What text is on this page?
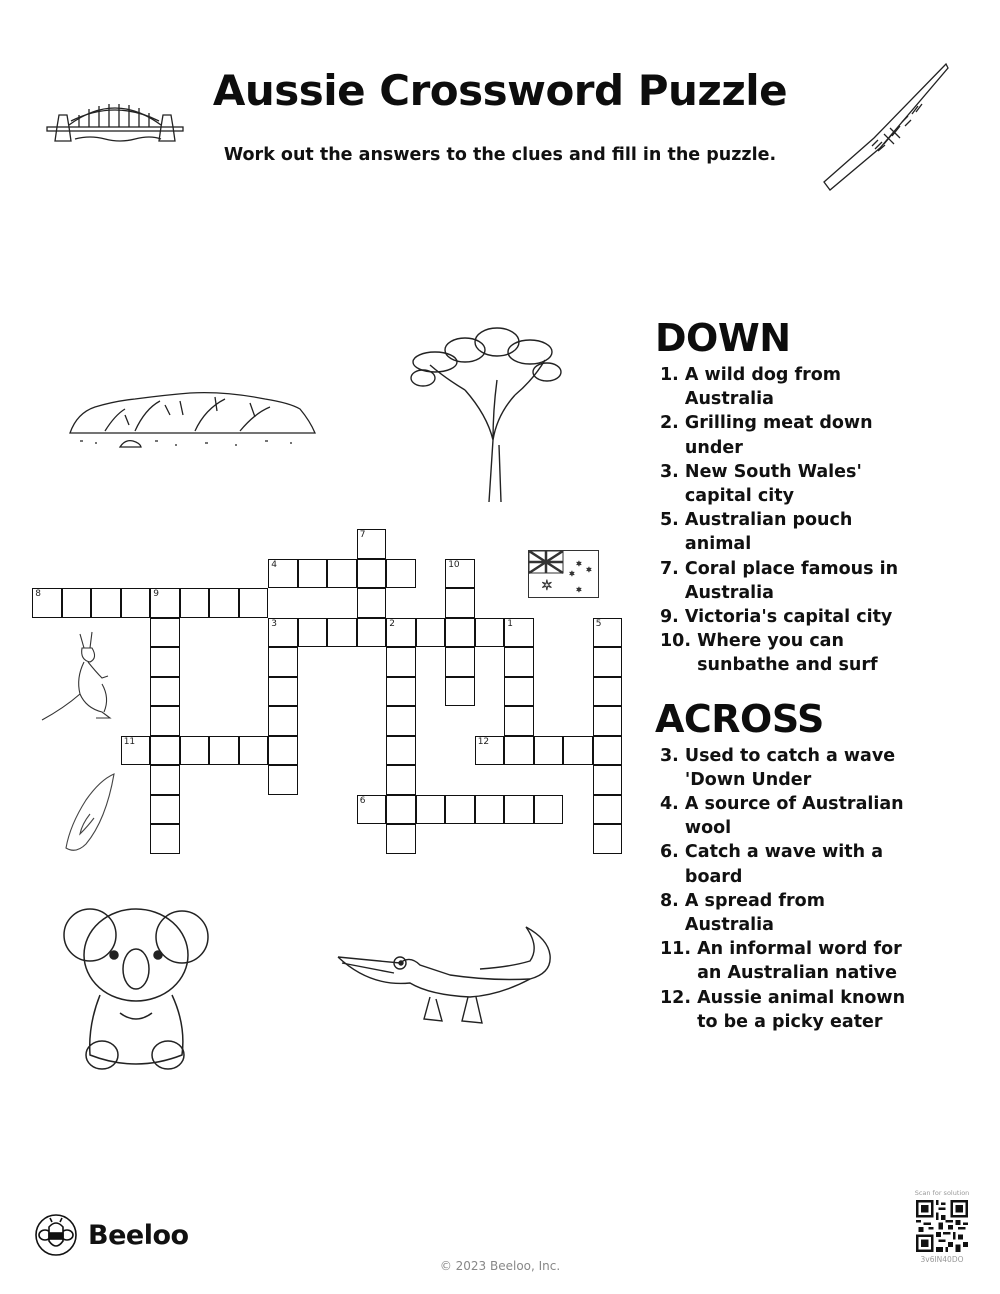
Aussie Crossword Puzzle
Work out the answers to the clues and fill in the puzzle.
✶
✶
✶
✶
✶
7
4	10
8	9
3	2	1	5
11	12
6
DOWN
1.
A wild dog from Australia
2.
Grilling meat down under
3.
New South Wales' capital city
5.
Australian pouch animal
7.
Coral place famous in Australia
9.
Victoria's capital city
10.
Where you can sunbathe and surf
ACROSS
3.
Used to catch a wave 'Down Under
4.
A source of Australian wool
6.
Catch a wave with a board
8.
A spread from Australia
11.
An informal word for an Australian native
12.
Aussie animal known to be a picky eater
Beeloo
© 2023 Beeloo, Inc.
Scan for solution
3v6IN40DO
